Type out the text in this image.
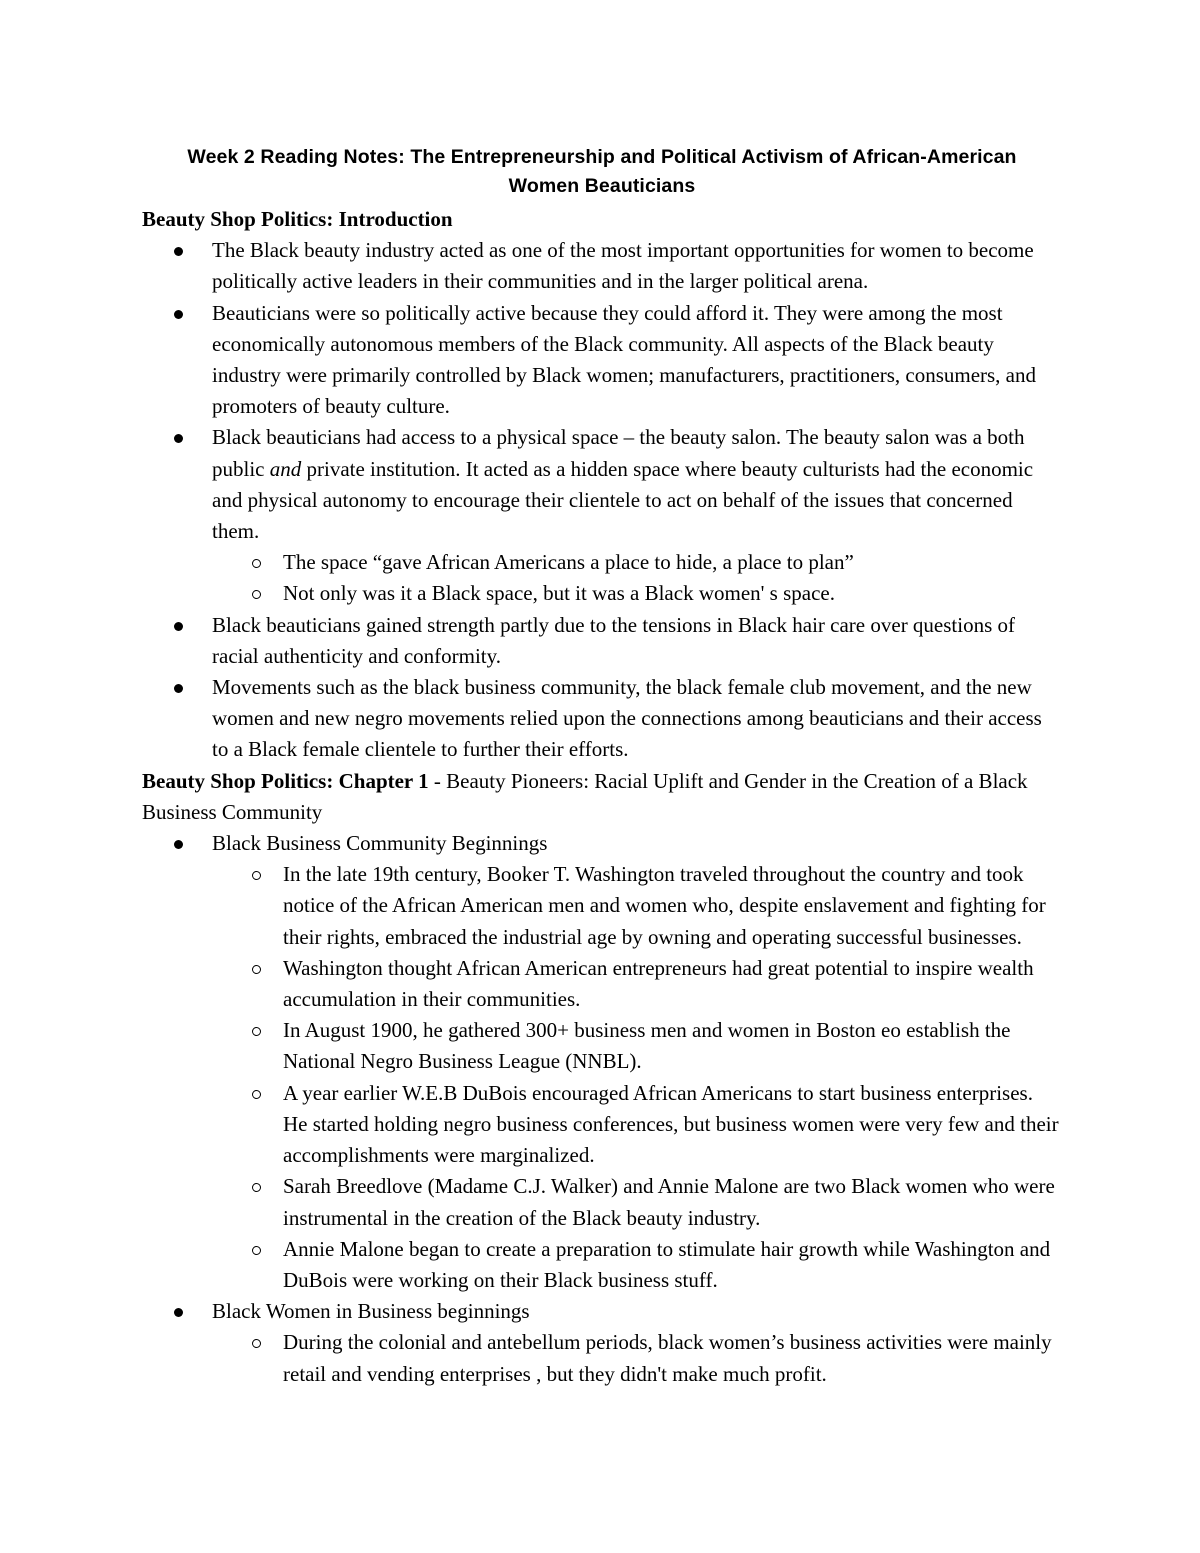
Week 2 Reading Notes: The Entrepreneurship and Political Activism of African-American
Women Beauticians

Beauty Shop Politics: Introduction

The Black beauty industry acted as one of the most important opportunities for women to become politically active leaders in their communities and in the larger political arena.
Beauticians were so politically active because they could afford it. They were among the most economically autonomous members of the Black community. All aspects of the Black beauty industry were primarily controlled by Black women; manufacturers, practitioners, consumers, and promoters of beauty culture.
Black beauticians had access to a physical space – the beauty salon. The beauty salon was a both public and private institution. It acted as a hidden space where beauty culturists had the economic and physical autonomy to encourage their clientele to act on behalf of the issues that concerned them.
The space “gave African Americans a place to hide, a place to plan”
Not only was it a Black space, but it was a Black women' s space.
Black beauticians gained strength partly due to the tensions in Black hair care over questions of racial authenticity and conformity.
Movements such as the black business community, the black female club movement, and the new women and new negro movements relied upon the connections among beauticians and their access to a Black female clientele to further their efforts.

Beauty Shop Politics: Chapter 1 - Beauty Pioneers: Racial Uplift and Gender in the Creation of a Black Business Community

Black Business Community Beginnings
In the late 19th century, Booker T. Washington traveled throughout the country and took notice of the African American men and women who, despite enslavement and fighting for their rights, embraced the industrial age by owning and operating successful businesses.
Washington thought African American entrepreneurs had great potential to inspire wealth accumulation in their communities.
In August 1900, he gathered 300+ business men and women in Boston eo establish the National Negro Business League (NNBL).
A year earlier W.E.B DuBois encouraged African Americans to start business enterprises. He started holding negro business conferences, but business women were very few and their accomplishments were marginalized.
Sarah Breedlove (Madame C.J. Walker) and Annie Malone are two Black women who were instrumental in the creation of the Black beauty industry.
Annie Malone began to create a preparation to stimulate hair growth while Washington and DuBois were working on their Black business stuff.
Black Women in Business beginnings
During the colonial and antebellum periods, black women’s business activities were mainly retail and vending enterprises , but they didn't make much profit.
